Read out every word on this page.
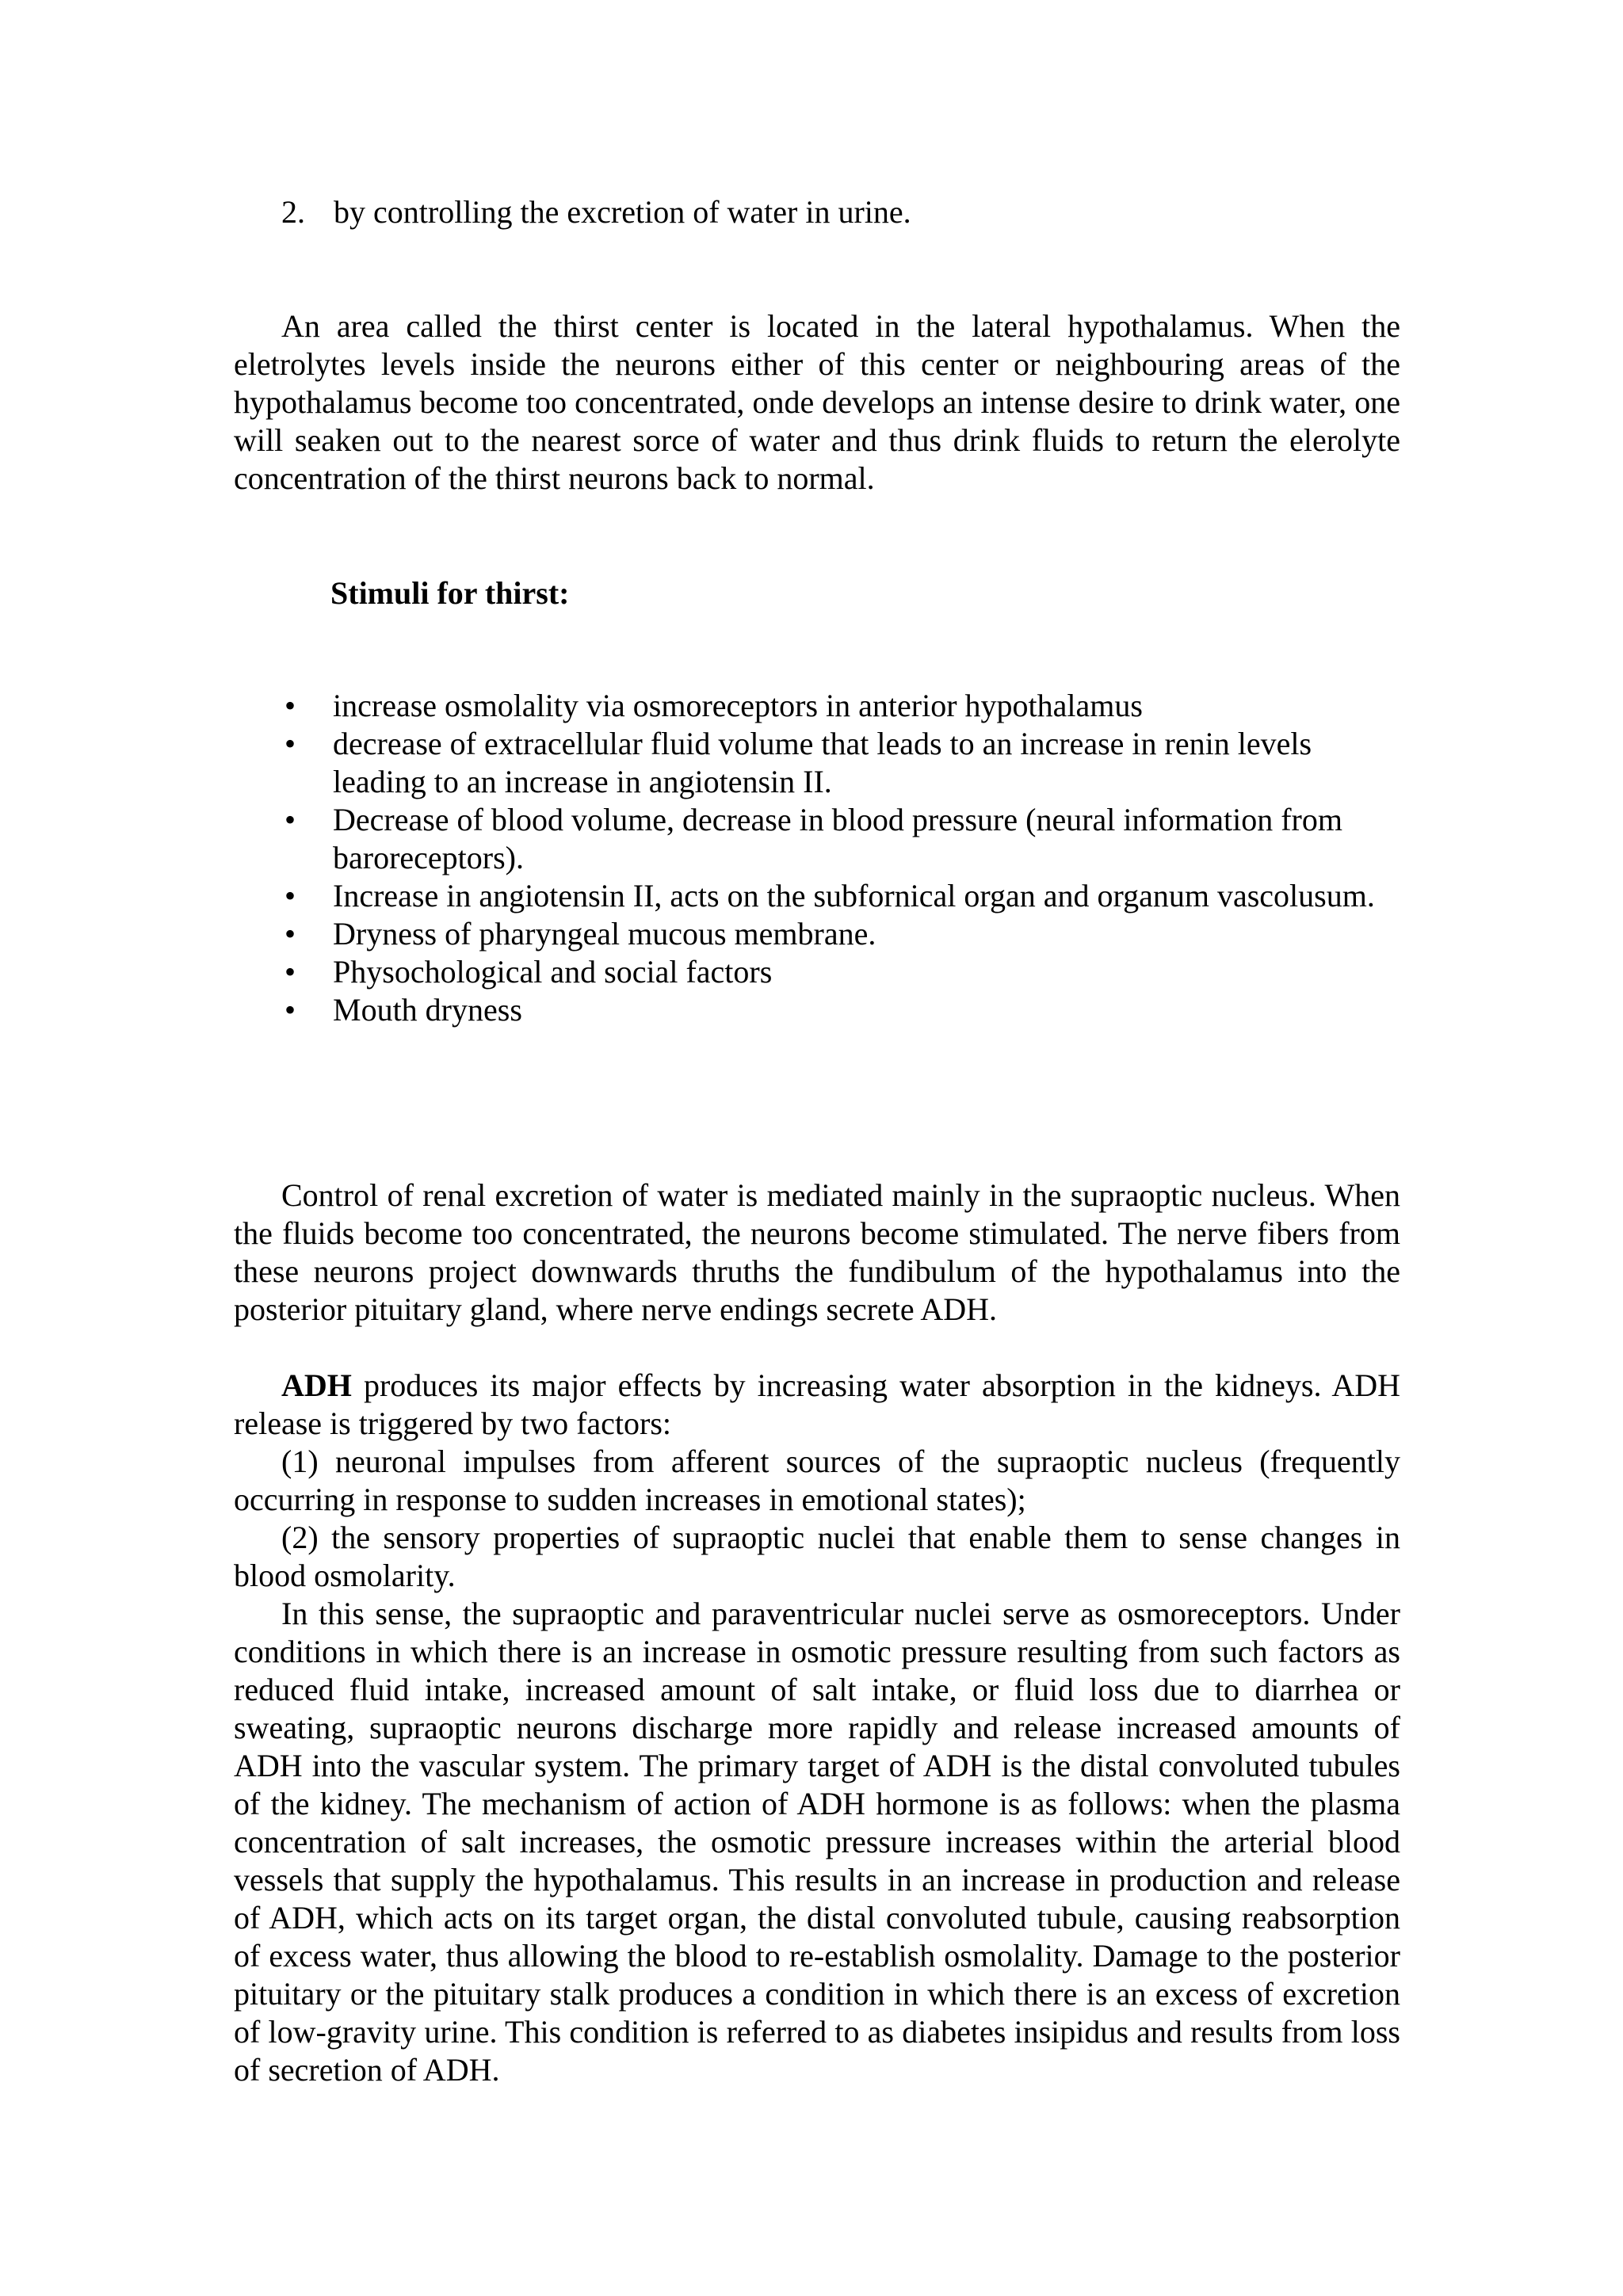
2. by controlling the excretion of water in urine.

An area called the thirst center is located in the lateral hypothalamus. When the eletrolytes levels inside the neurons either of this center or neighbouring areas of the hypothalamus become too concentrated, onde develops an intense desire to drink water, one will seaken out to the nearest sorce of water and thus drink fluids to return the elerolyte concentration of the thirst neurons back to normal.

Stimuli for thirst:
• increase osmolality via osmoreceptors in anterior hypothalamus
• decrease of extracellular fluid volume that leads to an increase in renin levels leading to an increase in angiotensin II.
• Decrease of blood volume, decrease in blood pressure (neural information from baroreceptors).
• Increase in angiotensin II, acts on the subfornical organ and organum vascolusum.
• Dryness of pharyngeal mucous membrane.
• Physochological and social factors
• Mouth dryness

Control of renal excretion of water is mediated mainly in the supraoptic nucleus. When the fluids become too concentrated, the neurons become stimulated. The nerve fibers from these neurons project downwards thruths the fundibulum of the hypothalamus into the posterior pituitary gland, where nerve endings secrete ADH.

ADH produces its major effects by increasing water absorption in the kidneys. ADH release is triggered by two factors:

(1) neuronal impulses from afferent sources of the supraoptic nucleus (frequently occurring in response to sudden increases in emotional states);

(2) the sensory properties of supraoptic nuclei that enable them to sense changes in blood osmolarity.

In this sense, the supraoptic and paraventricular nuclei serve as osmoreceptors. Under conditions in which there is an increase in osmotic pressure resulting from such factors as reduced fluid intake, increased amount of salt intake, or fluid loss due to diarrhea or sweating, supraoptic neurons discharge more rapidly and release increased amounts of ADH into the vascular system. The primary target of ADH is the distal convoluted tubules of the kidney. The mechanism of action of ADH hormone is as follows: when the plasma concentration of salt increases, the osmotic pressure increases within the arterial blood vessels that supply the hypothalamus. This results in an increase in production and release of ADH, which acts on its target organ, the distal convoluted tubule, causing reabsorption of excess water, thus allowing the blood to re-establish osmolality. Damage to the posterior pituitary or the pituitary stalk produces a condition in which there is an excess of excretion of low-gravity urine. This condition is referred to as diabetes insipidus and results from loss of secretion of ADH.
